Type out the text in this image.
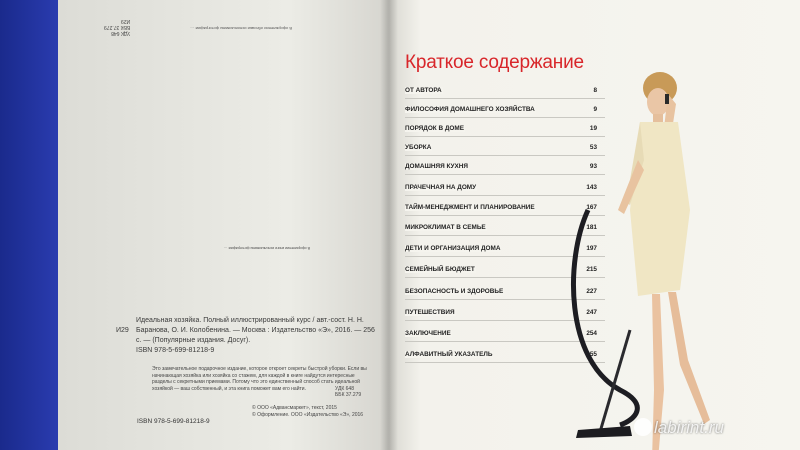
УДК 648
ББК 37.279
И29
В оформлении обложки использованы фотографии: ...
В оформлении книги использованы фотографии: ...
И29
Идеальная хозяйка. Полный иллюстрированный курс / авт.-сост. Н. Н. Баранова, О. И. Колобенина. — Москва : Издательство «Э», 2016. — 256 с. — (Популярные издания. Досуг).
ISBN 978-5-699-81218-9
Это замечательное подарочное издание, которое откроет секреты быстрой уборки. Если вы начинающая хозяйка или хозяйка со стажем, для каждой в книге найдутся интересные разделы с секретными приемами. Потому что это единственный способ стать идеальной хозяйкой — ваш собственный, и эта книга поможет вам его найти.	УДК 648
ББК 37.279
ISBN 978-5-699-81218-9
© ООО «Адвансмаркет», текст, 2015
© Оформление. ООО «Издательство «Э», 2016
Краткое содержание
ОТ АВТОРА	8
ФИЛОСОФИЯ ДОМАШНЕГО ХОЗЯЙСТВА	9
ПОРЯДОК В ДОМЕ	19
УБОРКА	53
ДОМАШНЯЯ КУХНЯ	93
ПРАЧЕЧНАЯ НА ДОМУ	143
ТАЙМ-МЕНЕДЖМЕНТ И ПЛАНИРОВАНИЕ	167
МИКРОКЛИМАТ В СЕМЬЕ	181
ДЕТИ И ОРГАНИЗАЦИЯ ДОМА	197
СЕМЕЙНЫЙ БЮДЖЕТ	215
БЕЗОПАСНОСТЬ И ЗДОРОВЬЕ	227
ПУТЕШЕСТВИЯ	247
ЗАКЛЮЧЕНИЕ	254
АЛФАВИТНЫЙ УКАЗАТЕЛЬ	255
labirint.ru
